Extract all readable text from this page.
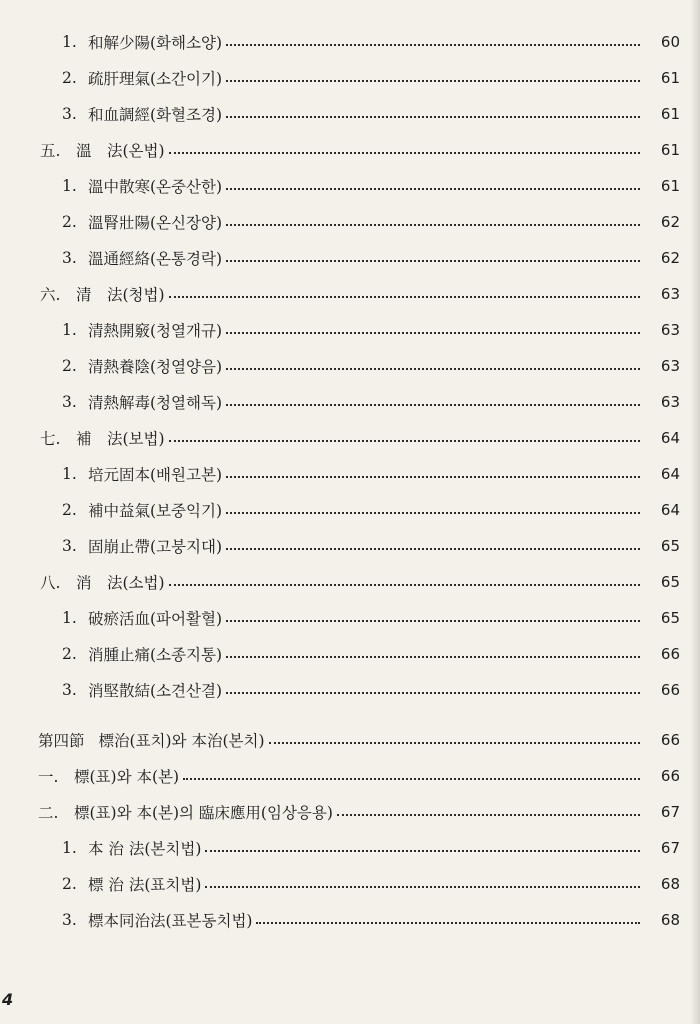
1. 和解少陽(화해소양)	60
2. 疏肝理氣(소간이기)	61
3. 和血調經(화혈조경)	61
五.	溫　法(온법)	61
1. 溫中散寒(온중산한)	61
2. 溫腎壯陽(온신장양)	62
3. 溫通經絡(온통경락)	62
六.	清　法(청법)	63
1. 清熱開竅(청열개규)	63
2. 清熱養陰(청열양음)	63
3. 清熱解毒(청열해독)	63
七.	補　法(보법)	64
1. 培元固本(배원고본)	64
2. 補中益氣(보중익기)	64
3. 固崩止帶(고붕지대)	65
八.	消　法(소법)	65
1. 破瘀活血(파어활혈)	65
2. 消腫止痛(소종지통)	66
3. 消堅散結(소견산결)	66
第四節 標治(표치)와 本治(본치)	66
一.	標(표)와 本(본)	66
二.	標(표)와 本(본)의 臨床應用(임상응용)	67
1. 本 治 法(본치법)	67
2. 標 治 法(표치법)	68
3. 標本同治法(표본동치법)	68
4
